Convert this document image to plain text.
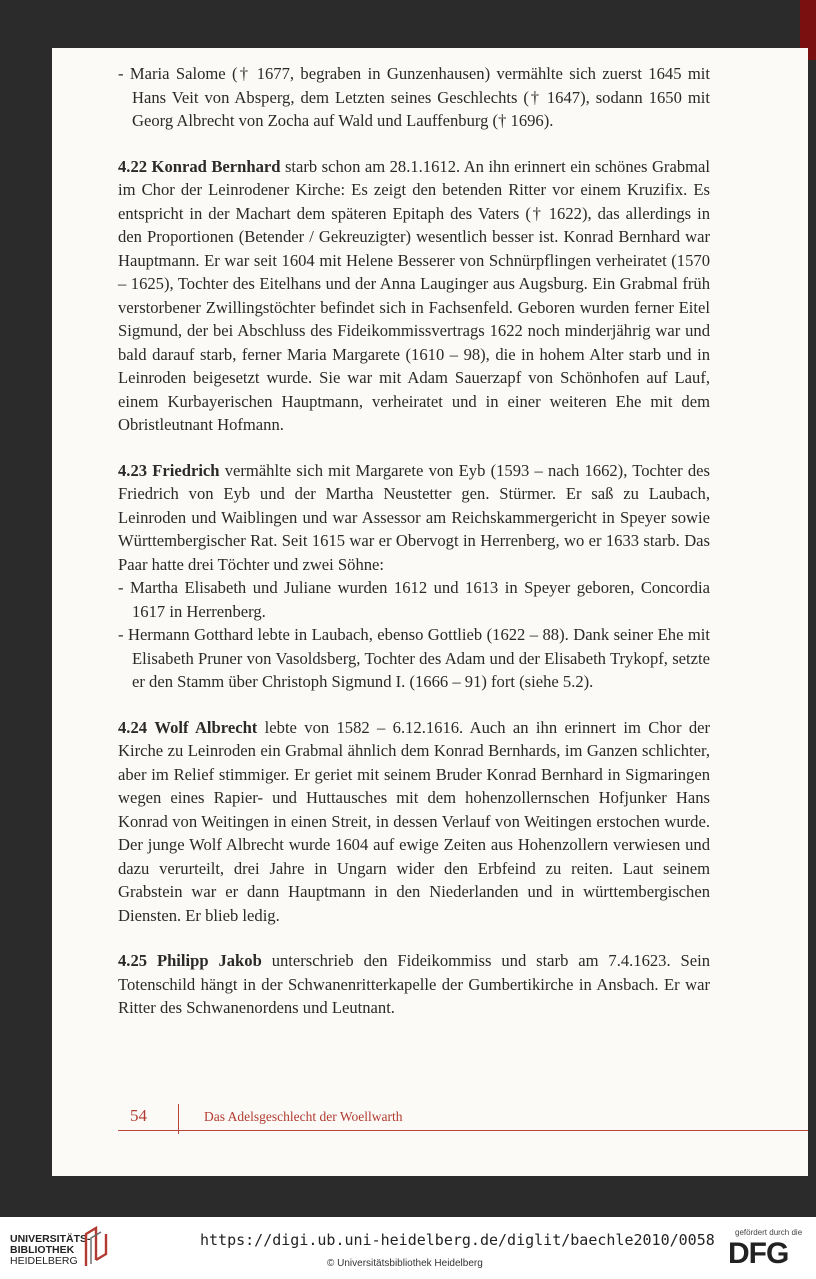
- Maria Salome († 1677, begraben in Gunzenhausen) vermählte sich zuerst 1645 mit Hans Veit von Absperg, dem Letzten seines Geschlechts († 1647), sodann 1650 mit Georg Albrecht von Zocha auf Wald und Lauffenburg († 1696).

4.22 Konrad Bernhard starb schon am 28.1.1612. An ihn erinnert ein schönes Grabmal im Chor der Leinrodener Kirche: Es zeigt den betenden Ritter vor einem Kruzifix. Es entspricht in der Machart dem späteren Epitaph des Vaters († 1622), das allerdings in den Proportionen (Betender / Gekreuzigter) wesentlich besser ist. Konrad Bernhard war Hauptmann. Er war seit 1604 mit Helene Besserer von Schnürpflingen verheiratet (1570 – 1625), Tochter des Eitelhans und der Anna Lauginger aus Augsburg. Ein Grabmal früh verstorbener Zwillingstöchter befindet sich in Fachsenfeld. Geboren wurden ferner Eitel Sigmund, der bei Abschluss des Fideikommissvertrags 1622 noch minderjährig war und bald darauf starb, ferner Maria Margarete (1610 – 98), die in hohem Alter starb und in Leinroden beigesetzt wurde. Sie war mit Adam Sauerzapf von Schönhofen auf Lauf, einem Kurbayerischen Hauptmann, verheiratet und in einer weiteren Ehe mit dem Obristleutnant Hofmann.

4.23 Friedrich vermählte sich mit Margarete von Eyb (1593 – nach 1662), Tochter des Friedrich von Eyb und der Martha Neustetter gen. Stürmer. Er saß zu Laubach, Leinroden und Waiblingen und war Assessor am Reichskammergericht in Speyer sowie Württembergischer Rat. Seit 1615 war er Obervogt in Herrenberg, wo er 1633 starb. Das Paar hatte drei Töchter und zwei Söhne:

- Martha Elisabeth und Juliane wurden 1612 und 1613 in Speyer geboren, Concordia 1617 in Herrenberg.

- Hermann Gotthard lebte in Laubach, ebenso Gottlieb (1622 – 88). Dank seiner Ehe mit Elisabeth Pruner von Vasoldsberg, Tochter des Adam und der Elisabeth Trykopf, setzte er den Stamm über Christoph Sigmund I. (1666 – 91) fort (siehe 5.2).

4.24 Wolf Albrecht lebte von 1582 – 6.12.1616. Auch an ihn erinnert im Chor der Kirche zu Leinroden ein Grabmal ähnlich dem Konrad Bernhards, im Ganzen schlichter, aber im Relief stimmiger. Er geriet mit seinem Bruder Konrad Bernhard in Sigmaringen wegen eines Rapier- und Huttausches mit dem hohenzollernschen Hofjunker Hans Konrad von Weitingen in einen Streit, in dessen Verlauf von Weitingen erstochen wurde. Der junge Wolf Albrecht wurde 1604 auf ewige Zeiten aus Hohenzollern verwiesen und dazu verurteilt, drei Jahre in Ungarn wider den Erbfeind zu reiten. Laut seinem Grabstein war er dann Hauptmann in den Niederlanden und in württembergischen Diensten. Er blieb ledig.

4.25 Philipp Jakob unterschrieb den Fideikommiss und starb am 7.4.1623. Sein Totenschild hängt in der Schwanenritterkapelle der Gumbertikirche in Ansbach. Er war Ritter des Schwanenordens und Leutnant.

54	Das Adelsgeschlecht der Woellwarth
UNIVERSITÄTS-
BIBLIOTHEK
HEIDELBERG
https://digi.ub.uni-heidelberg.de/diglit/baechle2010/0058
© Universitätsbibliothek Heidelberg
gefördert durch die
DFG
